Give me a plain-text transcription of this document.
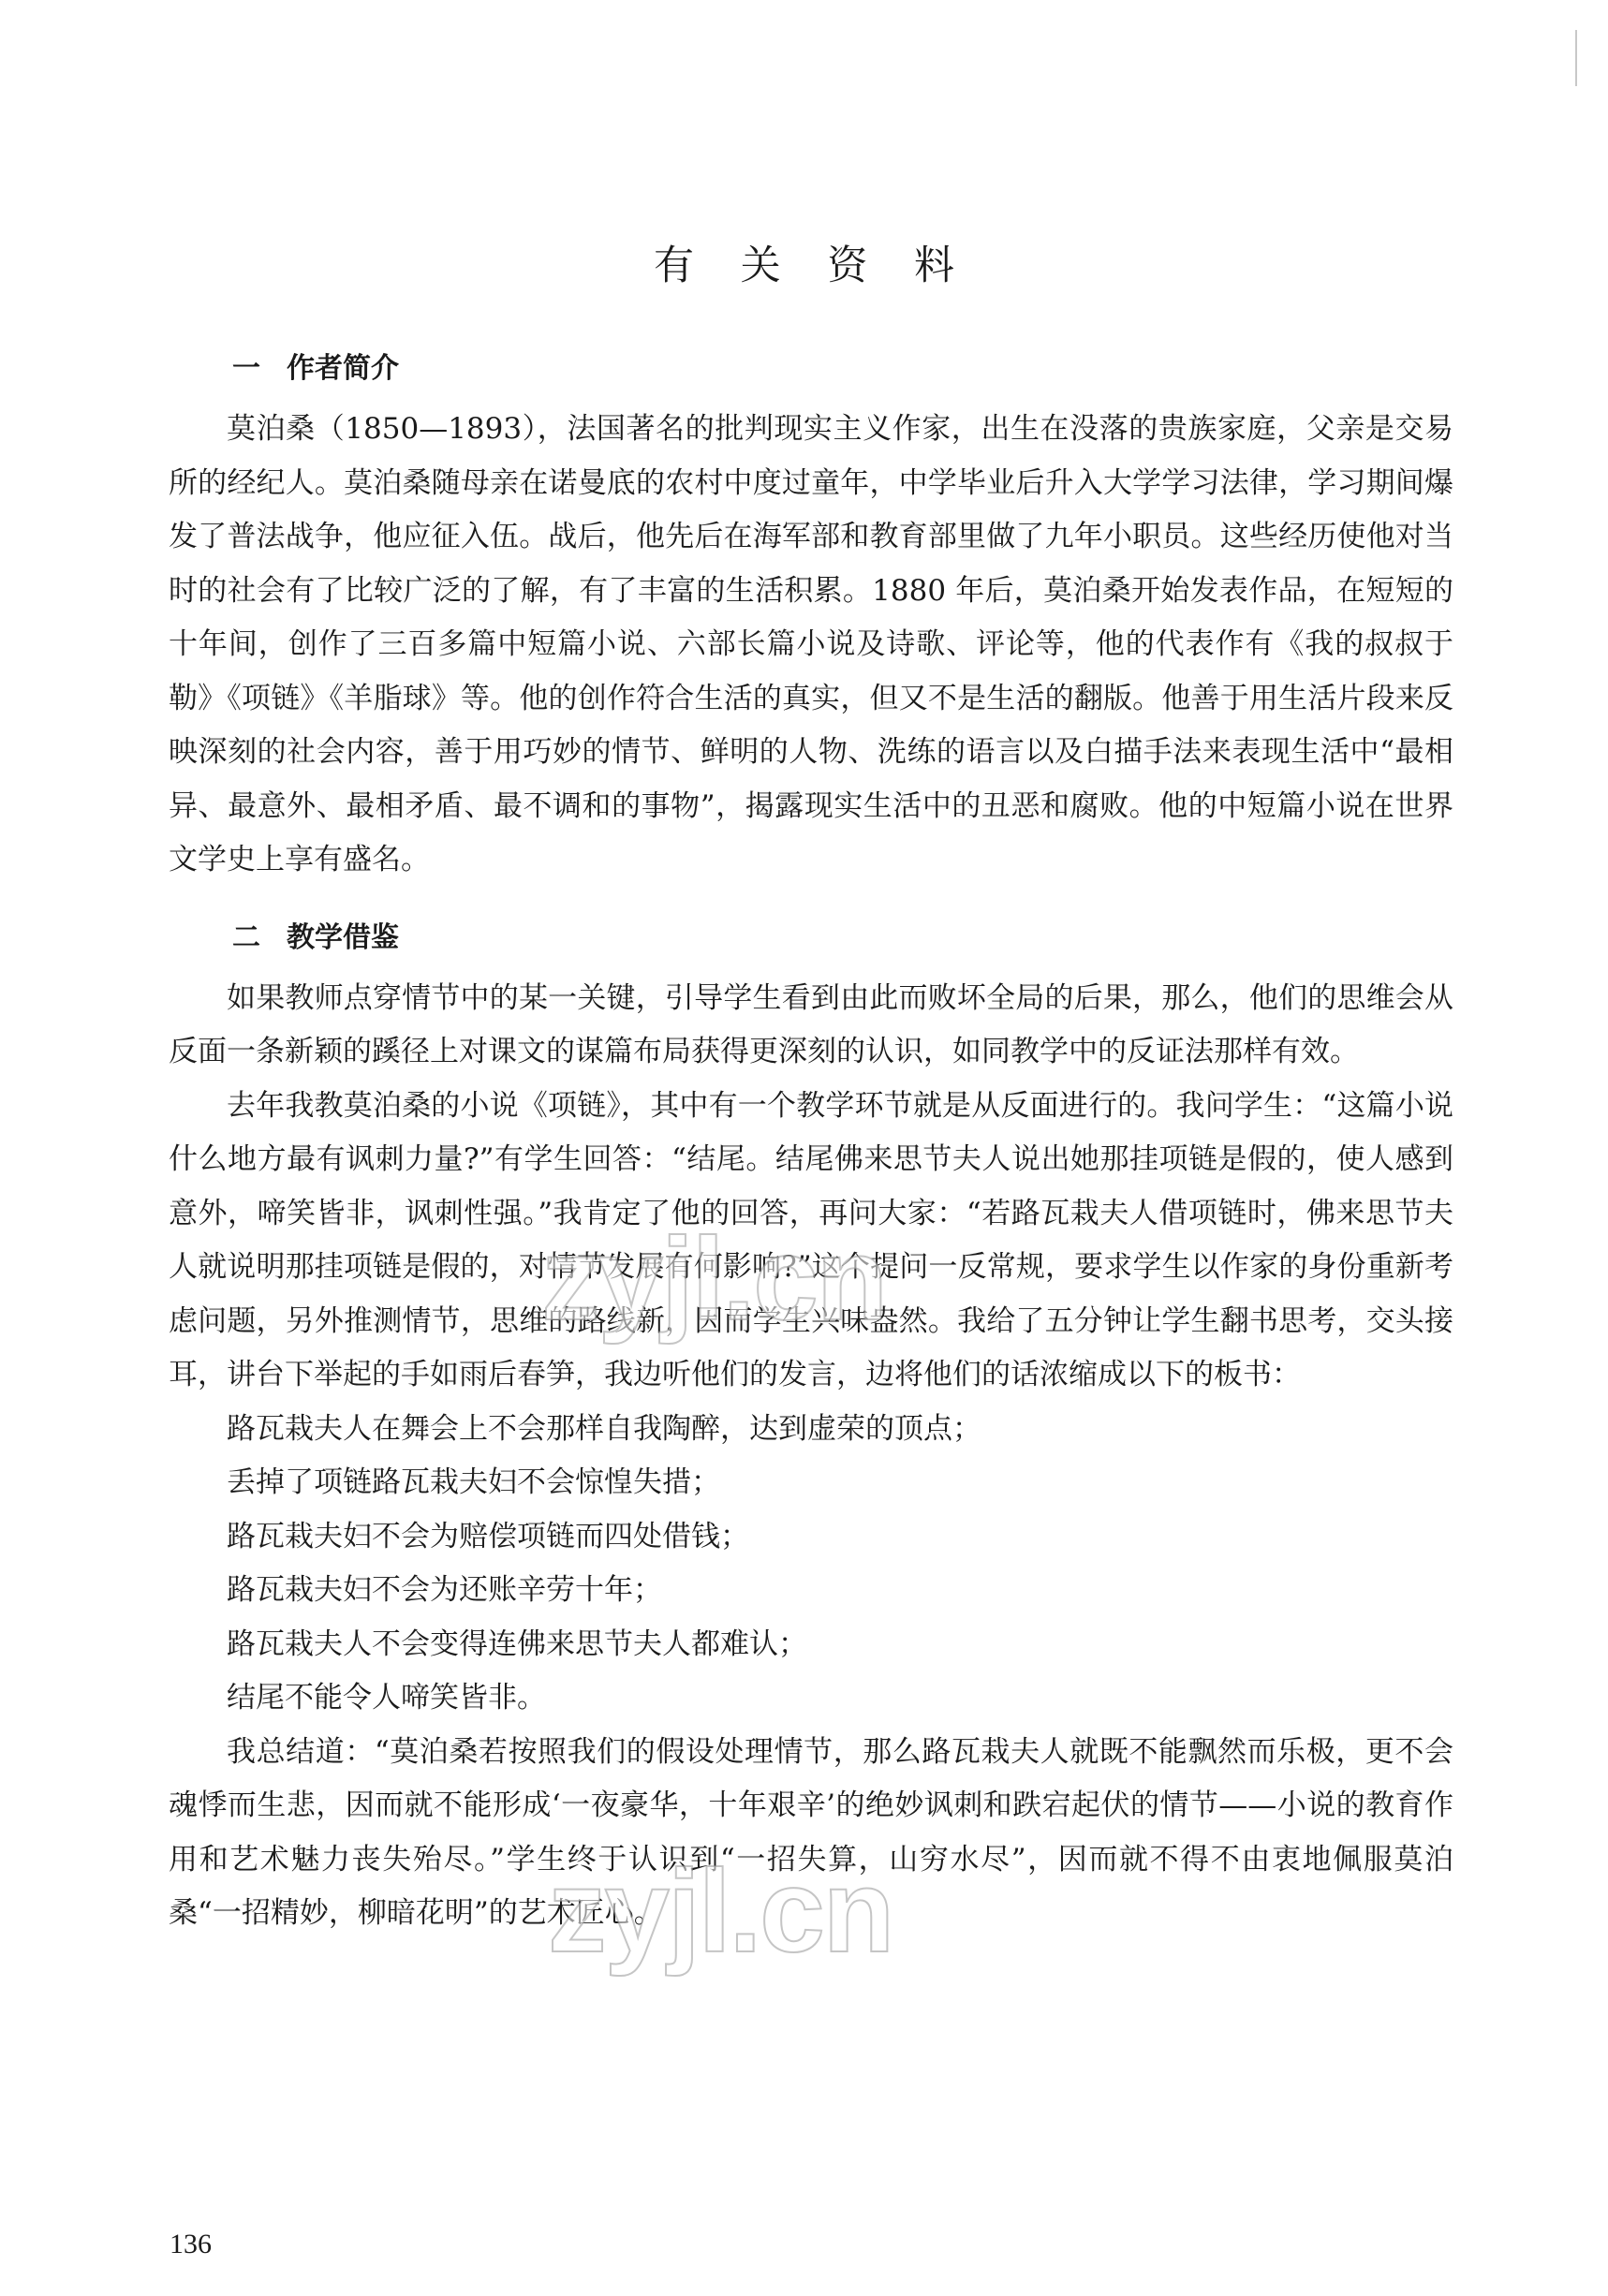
有 关 资 料
一 作者简介

莫泊桑（1850—1893），法国著名的批判现实主义作家，出生在没落的贵族家庭，父亲是交易所的经纪人。莫泊桑随母亲在诺曼底的农村中度过童年，中学毕业后升入大学学习法律，学习期间爆发了普法战争，他应征入伍。战后，他先后在海军部和教育部里做了九年小职员。这些经历使他对当时的社会有了比较广泛的了解，有了丰富的生活积累。1880 年后，莫泊桑开始发表作品，在短短的十年间，创作了三百多篇中短篇小说、六部长篇小说及诗歌、评论等，他的代表作有《我的叔叔于勒》《项链》《羊脂球》等。他的创作符合生活的真实，但又不是生活的翻版。他善于用生活片段来反映深刻的社会内容，善于用巧妙的情节、鲜明的人物、洗练的语言以及白描手法来表现生活中“最相异、最意外、最相矛盾、最不调和的事物”，揭露现实生活中的丑恶和腐败。他的中短篇小说在世界文学史上享有盛名。

二 教学借鉴

如果教师点穿情节中的某一关键，引导学生看到由此而败坏全局的后果，那么，他们的思维会从反面一条新颖的蹊径上对课文的谋篇布局获得更深刻的认识，如同教学中的反证法那样有效。

去年我教莫泊桑的小说《项链》，其中有一个教学环节就是从反面进行的。我问学生：“这篇小说什么地方最有讽刺力量?”有学生回答：“结尾。结尾佛来思节夫人说出她那挂项链是假的，使人感到意外，啼笑皆非，讽刺性强。”我肯定了他的回答，再问大家：“若路瓦栽夫人借项链时，佛来思节夫人就说明那挂项链是假的，对情节发展有何影响?”这个提问一反常规，要求学生以作家的身份重新考虑问题，另外推测情节，思维的路线新，因而学生兴味盎然。我给了五分钟让学生翻书思考，交头接耳，讲台下举起的手如雨后春笋，我边听他们的发言，边将他们的话浓缩成以下的板书：

路瓦栽夫人在舞会上不会那样自我陶醉，达到虚荣的顶点；

丢掉了项链路瓦栽夫妇不会惊惶失措；

路瓦栽夫妇不会为赔偿项链而四处借钱；

路瓦栽夫妇不会为还账辛劳十年；

路瓦栽夫人不会变得连佛来思节夫人都难认；

结尾不能令人啼笑皆非。

我总结道：“莫泊桑若按照我们的假设处理情节，那么路瓦栽夫人就既不能飘然而乐极，更不会魂悸而生悲，因而就不能形成‘一夜豪华，十年艰辛’的绝妙讽刺和跌宕起伏的情节——小说的教育作用和艺术魅力丧失殆尽。”学生终于认识到“一招失算，山穷水尽”，因而就不得不由衷地佩服莫泊桑“一招精妙，柳暗花明”的艺术匠心。

zyjl.cn
zyjl.cn
136
